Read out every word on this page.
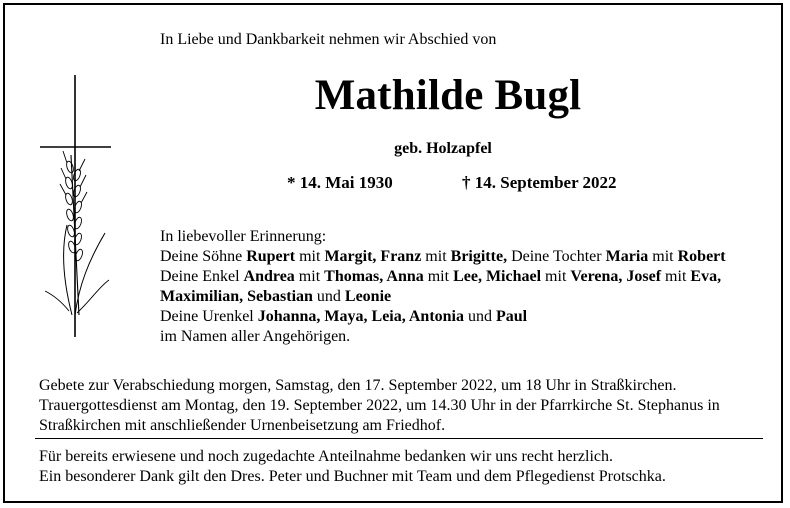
In Liebe und Dankbarkeit nehmen wir Abschied von
Mathilde Bugl
geb. Holzapfel
* 14. Mai 1930	† 14. September 2022
In liebevoller Erinnerung:
Deine Söhne Rupert mit Margit, Franz mit Brigitte, Deine Tochter Maria mit Robert
Deine Enkel Andrea mit Thomas, Anna mit Lee, Michael mit Verena, Josef mit Eva,
Maximilian, Sebastian und Leonie
Deine Urenkel Johanna, Maya, Leia, Antonia und Paul
im Namen aller Angehörigen.
Gebete zur Verabschiedung morgen, Samstag, den 17. September 2022, um 18 Uhr in Straßkirchen.
Trauergottesdienst am Montag, den 19. September 2022, um 14.30 Uhr in der Pfarrkirche St. Stephanus in
Straßkirchen mit anschließender Urnenbeisetzung am Friedhof.
Für bereits erwiesene und noch zugedachte Anteilnahme bedanken wir uns recht herzlich.
Ein besonderer Dank gilt den Dres. Peter und Buchner mit Team und dem Pflegedienst Protschka.
